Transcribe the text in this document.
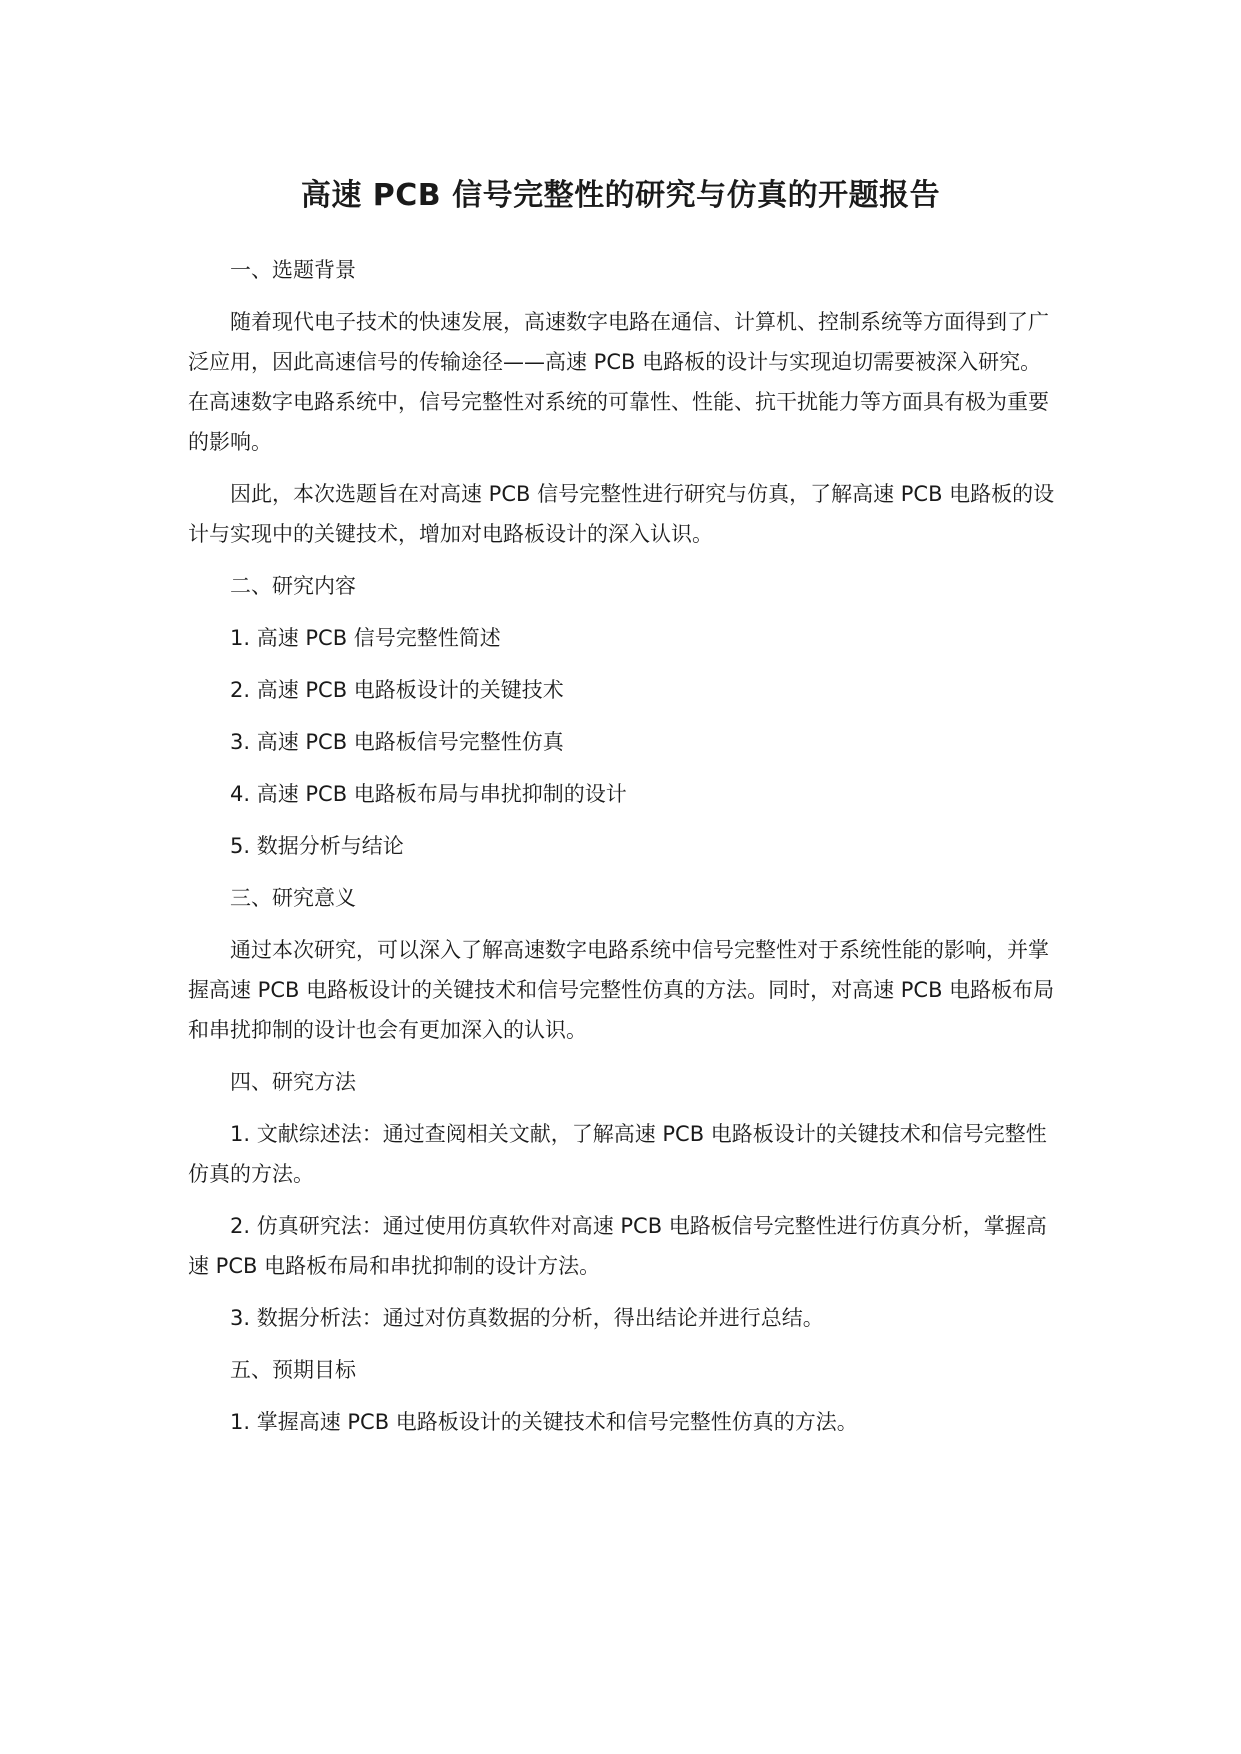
高速 PCB 信号完整性的研究与仿真的开题报告

一、选题背景

随着现代电子技术的快速发展，高速数字电路在通信、计算机、控制系统等方面得到了广泛应用，因此高速信号的传输途径——高速 PCB 电路板的设计与实现迫切需要被深入研究。在高速数字电路系统中，信号完整性对系统的可靠性、性能、抗干扰能力等方面具有极为重要的影响。

因此，本次选题旨在对高速 PCB 信号完整性进行研究与仿真，了解高速 PCB 电路板的设计与实现中的关键技术，增加对电路板设计的深入认识。

二、研究内容

1. 高速 PCB 信号完整性简述

2. 高速 PCB 电路板设计的关键技术

3. 高速 PCB 电路板信号完整性仿真

4. 高速 PCB 电路板布局与串扰抑制的设计

5. 数据分析与结论

三、研究意义

通过本次研究，可以深入了解高速数字电路系统中信号完整性对于系统性能的影响，并掌握高速 PCB 电路板设计的关键技术和信号完整性仿真的方法。同时，对高速 PCB 电路板布局和串扰抑制的设计也会有更加深入的认识。

四、研究方法

1. 文献综述法：通过查阅相关文献，了解高速 PCB 电路板设计的关键技术和信号完整性仿真的方法。

2. 仿真研究法：通过使用仿真软件对高速 PCB 电路板信号完整性进行仿真分析，掌握高速 PCB 电路板布局和串扰抑制的设计方法。

3. 数据分析法：通过对仿真数据的分析，得出结论并进行总结。

五、预期目标

1. 掌握高速 PCB 电路板设计的关键技术和信号完整性仿真的方法。
